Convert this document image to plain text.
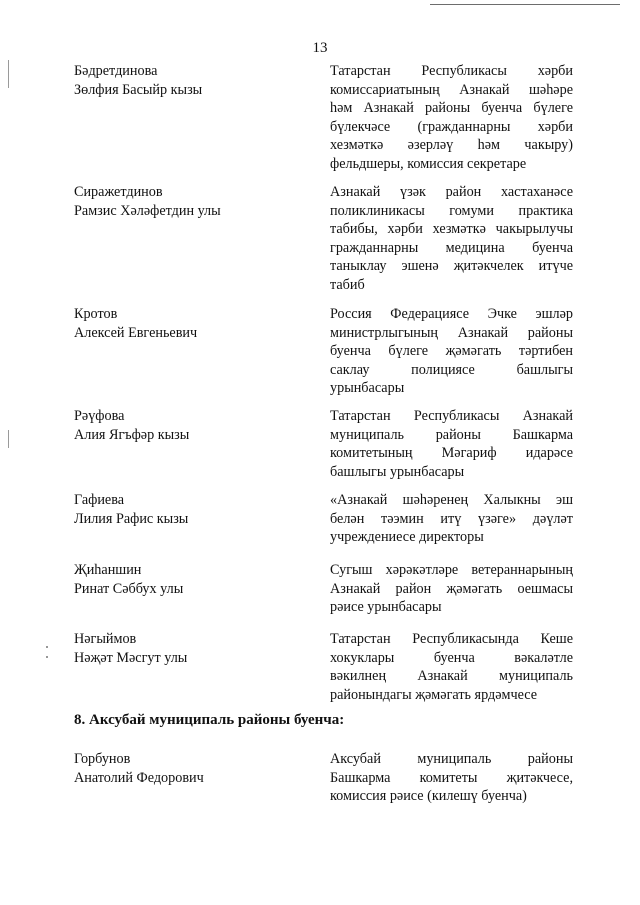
13
Бәдретдинова
Зөлфия Басыйр кызы
Татарстан Республикасы хәрби
комиссариатының Азнакай шәһәре
һәм Азнакай районы буенча бүлеге
бүлекчәсе (гражданнарны хәрби
хезмәткә әзерләү һәм чакыру)
фельдшеры, комиссия секретаре
Сиражетдинов
Рамзис Хәләфетдин улы
Азнакай үзәк район хастаханәсе
поликлиникасы гомуми практика
табибы, хәрби хезмәткә чакырылучы
гражданнарны медицина буенча
таныклау эшенә җитәкчелек итүче
табиб
Кротов
Алексей Евгеньевич
Россия Федерациясе Эчке эшләр
министрлыгының Азнакай районы
буенча бүлеге җәмәгать тәртибен
саклау полициясе башлыгы
урынбасары
Рәүфова
Алия Ягъфәр кызы
Татарстан Республикасы Азнакай
муниципаль районы Башкарма
комитетының Мәгариф идарәсе
башлыгы урынбасары
Гафиева
Лилия Рафис кызы
«Азнакай шәһәренең Халыкны эш
белән тәэмин итү үзәге» дәүләт
учреждениесе директоры
Җиһаншин
Ринат Сәббух улы
Сугыш хәрәкәтләре ветераннарының
Азнакай район җәмәгать оешмасы
рәисе урынбасары
Нәгыймов
Нәҗәт Мәсгут улы
Татарстан Республикасында Кеше
хокуклары буенча вәкаләтле
вәкилнең Азнакай муниципаль
районындагы җәмәгать ярдәмчесе
8. Аксубай муниципаль районы буенча:
Горбунов
Анатолий Федорович
Аксубай муниципаль районы
Башкарма комитеты җитәкчесе,
комиссия рәисе (килешү буенча)
